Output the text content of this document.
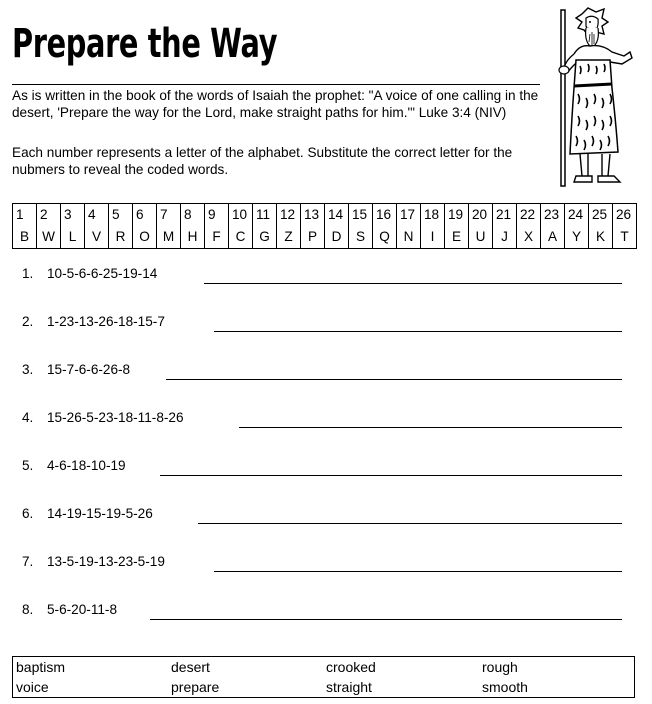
Prepare the Way

As is written in the book of the words of Isaiah the prophet: "A voice of one calling in the desert, 'Prepare the way for the Lord, make straight paths for him.'" Luke 3:4 (NIV)

Each number represents a letter of the alphabet. Substitute the correct letter for the nubmers to reveal the coded words.

1	2	3	4	5	6	7	8	9	10	11	12	13	14	15	16	17	18	19	20	21	22	23	24	25	26
B	W	L	V	R	O	M	H	F	C	G	Z	P	D	S	Q	N	I	E	U	J	X	A	Y	K	T
1. 10-5-6-6-25-19-14
2. 1-23-13-26-18-15-7
3. 15-7-6-6-26-8
4. 15-26-5-23-18-11-8-26
5. 4-6-18-10-19
6. 14-19-15-19-5-26
7. 13-5-19-13-23-5-19
8. 5-6-20-11-8
baptism	desert	crooked	rough
voice	prepare	straight	smooth
